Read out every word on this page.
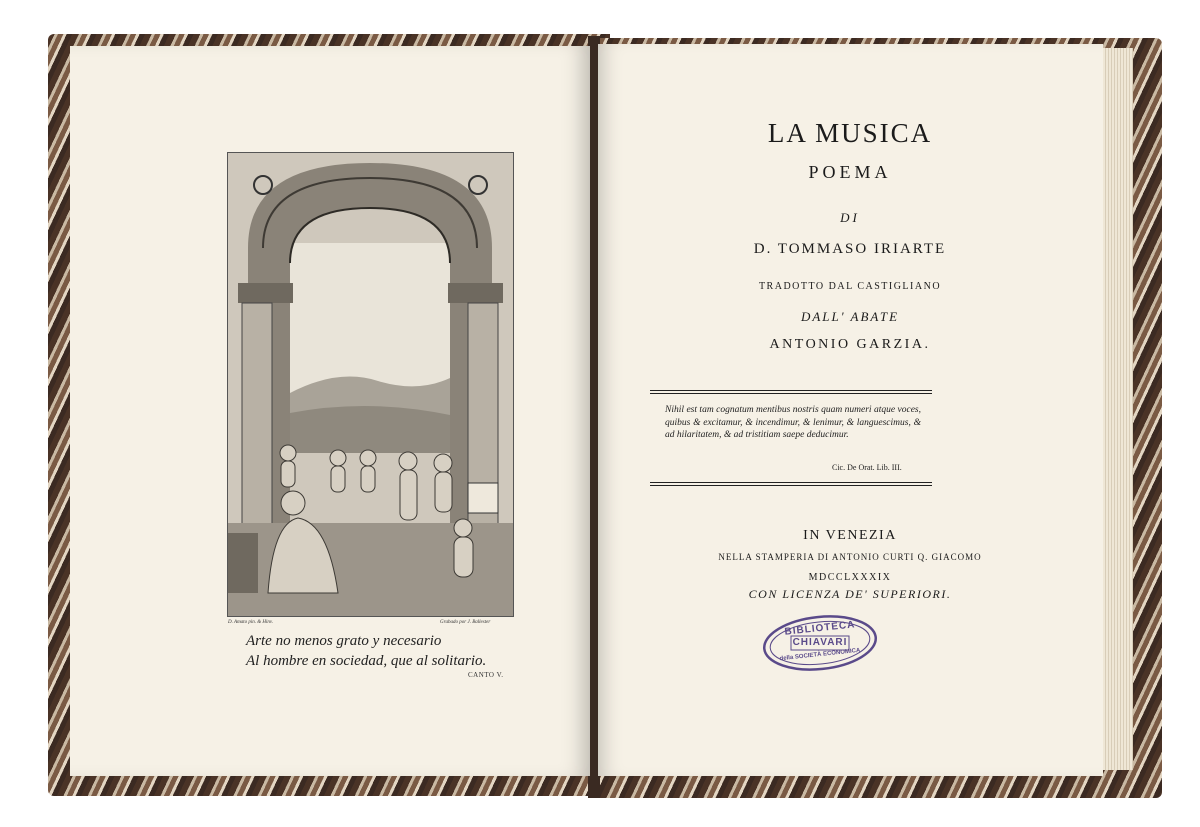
D. Amato pin. & Hinv.	Grabado por J. Ballester
Arte no menos grato y necesario
Al hombre en sociedad, que al solitario.
CANTO V.
LA MUSICA
POEMA
DI
D. TOMMASO IRIARTE
TRADOTTO DAL CASTIGLIANO
DALL' ABATE
ANTONIO GARZIA.
Nihil est tam cognatum mentibus nostris quam numeri atque voces, quibus & excitamur, & incendimur, & lenimur, & languescimus, & ad hilaritatem, & ad tristitiam saepe deducimur.
Cic. De Orat. Lib. III.
IN VENEZIA
NELLA STAMPERIA DI ANTONIO CURTI Q. GIACOMO
MDCCLXXXIX
CON LICENZA DE' SUPERIORI.
BIBLIOTECA
CHIAVARI
della SOCIETÀ ECONOMICA
